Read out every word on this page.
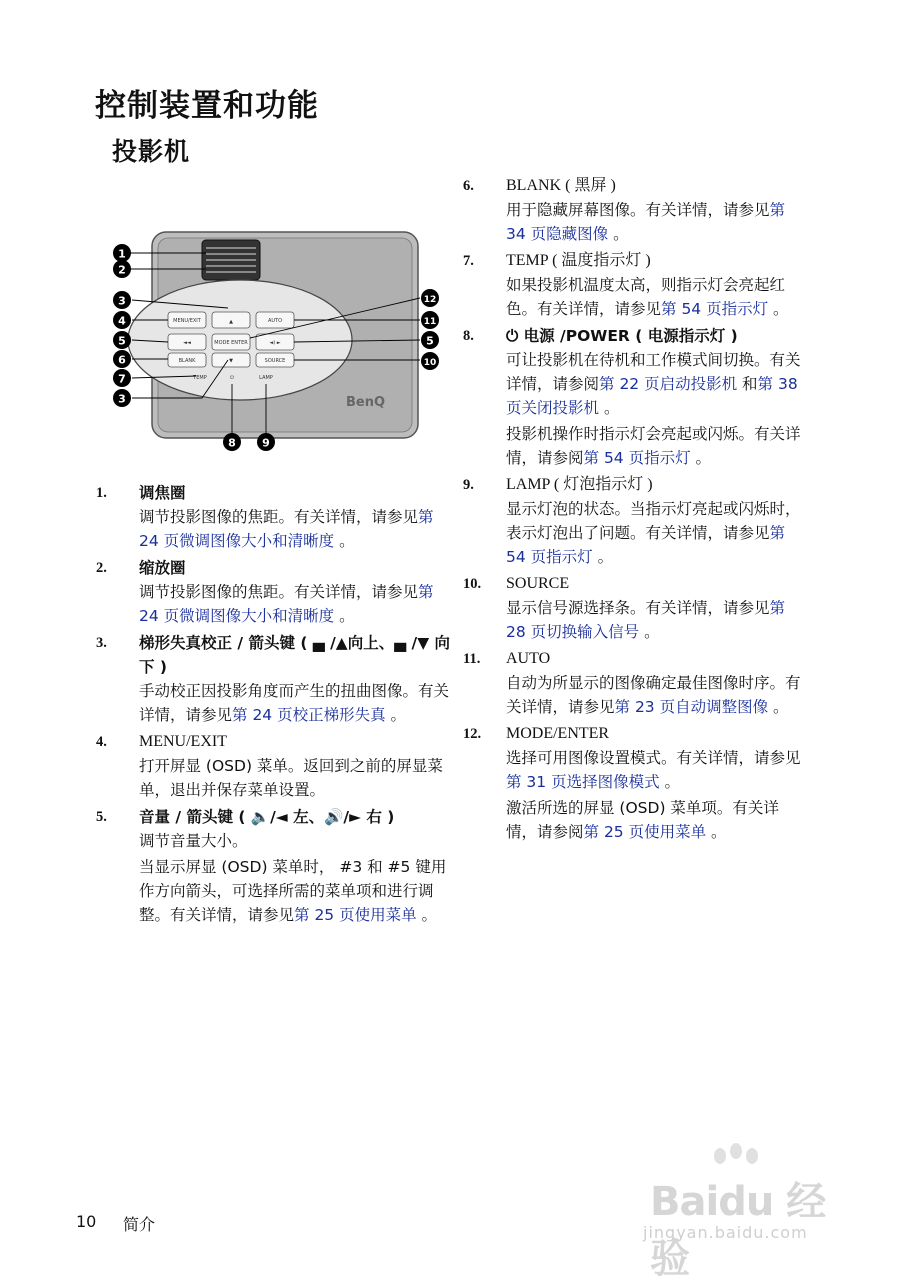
控制装置和功能
投影机
MENU/EXIT	▲	AUTO
◄◄	MODE ENTER	◄) ►
BLANK	▼	SOURCE
TEMP	⏻	LAMP
BenQ
1
2
3
4
5
6
7
3
12
11
5
10
8 9
1. 调焦圈
调节投影图像的焦距。有关详情，请参见第 24 页微调图像大小和清晰度 。
2. 缩放圈
调节投影图像的焦距。有关详情，请参见第 24 页微调图像大小和清晰度 。
3. 梯形失真校正 / 箭头键 ( ▄ /▲向上、▄ /▼ 向下 )
手动校正因投影角度而产生的扭曲图像。有关详情，请参见第 24 页校正梯形失真 。
4. MENU/EXIT
打开屏显 (OSD) 菜单。返回到之前的屏显菜单，退出并保存菜单设置。
5. 音量 / 箭头键 ( 🔈/◄ 左、🔊/► 右 )
调节音量大小。
当显示屏显 (OSD) 菜单时， #3 和 #5 键用作方向箭头，可选择所需的菜单项和进行调整。有关详情，请参见第 25 页使用菜单 。
6. BLANK ( 黑屏 )
用于隐藏屏幕图像。有关详情，请参见第 34 页隐藏图像 。
7. TEMP ( 温度指示灯 )
如果投影机温度太高，则指示灯会亮起红色。有关详情，请参见第 54 页指示灯 。
8. ⏻ 电源 /POWER ( 电源指示灯 )
可让投影机在待机和工作模式间切换。有关详情，请参阅第 22 页启动投影机 和第 38 页关闭投影机 。
投影机操作时指示灯会亮起或闪烁。有关详情，请参阅第 54 页指示灯 。
9. LAMP ( 灯泡指示灯 )
显示灯泡的状态。当指示灯亮起或闪烁时，表示灯泡出了问题。有关详情，请参见第 54 页指示灯 。
10. SOURCE
显示信号源选择条。有关详情，请参见第 28 页切换输入信号 。
11. AUTO
自动为所显示的图像确定最佳图像时序。有关详情，请参见第 23 页自动调整图像 。
12. MODE/ENTER
选择可用图像设置模式。有关详情，请参见第 31 页选择图像模式 。
激活所选的屏显 (OSD) 菜单项。有关详情，请参阅第 25 页使用菜单 。
10 简介	Baidu 经验
jingyan.baidu.com
